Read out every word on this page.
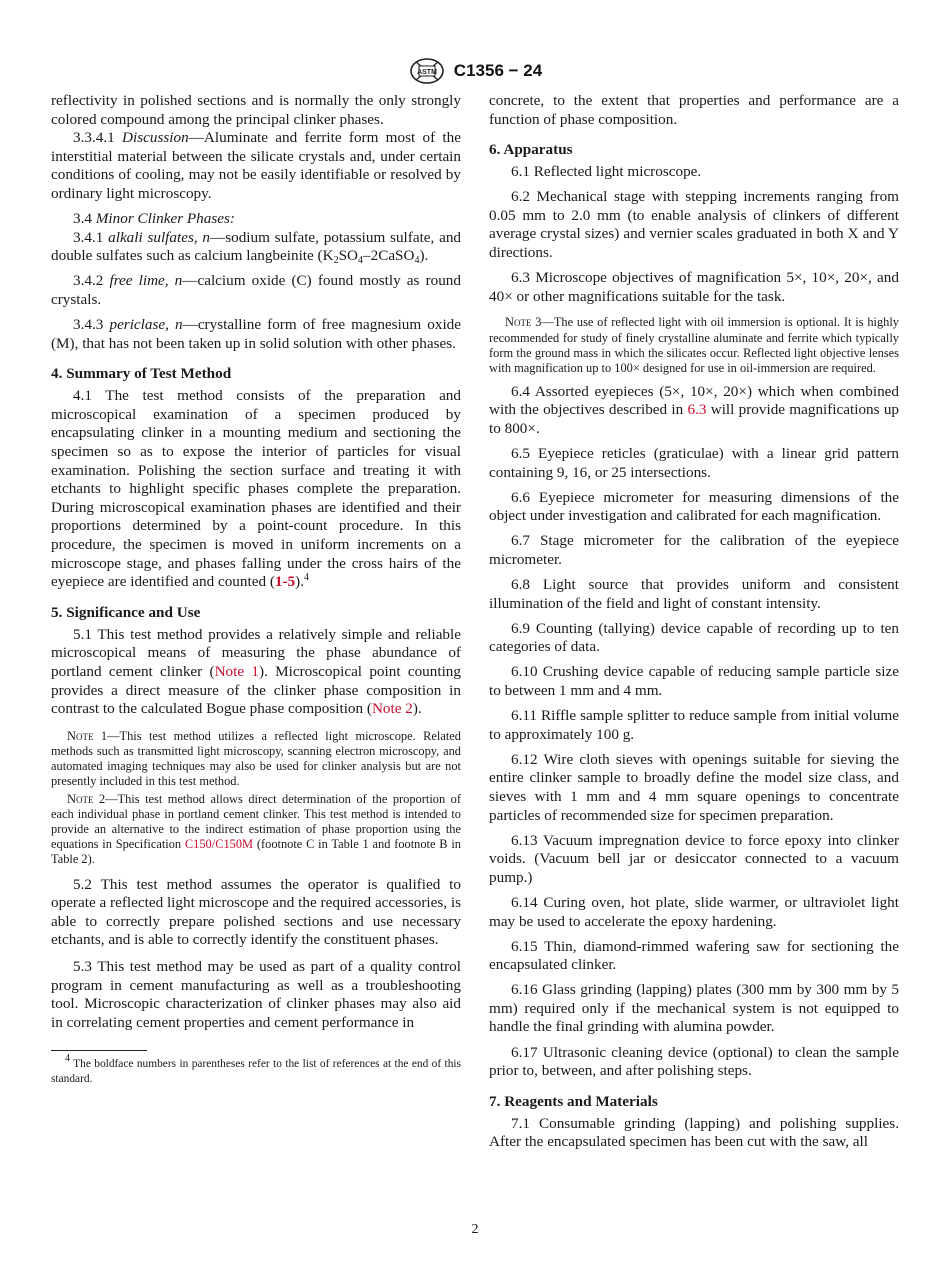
ASTM C1356 − 24

reflectivity in polished sections and is normally the only strongly colored compound among the principal clinker phases.

3.3.4.1 Discussion—Aluminate and ferrite form most of the interstitial material between the silicate crystals and, under certain conditions of cooling, may not be easily identifiable or resolved by ordinary light microscopy.

3.4 Minor Clinker Phases:

3.4.1 alkali sulfates, n—sodium sulfate, potassium sulfate, and double sulfates such as calcium langbeinite $(K_2SO_4-2CaSO_4)$.

3.4.2 free lime, n—calcium oxide (C) found mostly as round crystals.

3.4.3 periclase, n—crystalline form of free magnesium oxide (M), that has not been taken up in solid solution with other phases.

4. Summary of Test Method

4.1 The test method consists of the preparation and microscopical examination of a specimen produced by encapsulating clinker in a mounting medium and sectioning the specimen so as to expose the interior of particles for visual examination. Polishing the section surface and treating it with etchants to highlight specific phases complete the preparation. During microscopical examination phases are identified and their proportions determined by a point-count procedure. In this procedure, the specimen is moved in uniform increments on a microscope stage, and phases falling under the cross hairs of the eyepiece are identified and counted (1-5).$^4$

5. Significance and Use

5.1 This test method provides a relatively simple and reliable microscopical means of measuring the phase abundance of portland cement clinker (Note 1). Microscopical point counting provides a direct measure of the clinker phase composition in contrast to the calculated Bogue phase composition (Note 2).

Note 1—This test method utilizes a reflected light microscope. Related methods such as transmitted light microscopy, scanning electron microscopy, and automated imaging techniques may also be used for clinker analysis but are not presently included in this test method.

Note 2—This test method allows direct determination of the proportion of each individual phase in portland cement clinker. This test method is intended to provide an alternative to the indirect estimation of phase proportion using the equations in Specification C150/C150M (footnote C in Table 1 and footnote B in Table 2).

5.2 This test method assumes the operator is qualified to operate a reflected light microscope and the required accessories, is able to correctly prepare polished sections and use necessary etchants, and is able to correctly identify the constituent phases.

5.3 This test method may be used as part of a quality control program in cement manufacturing as well as a troubleshooting tool. Microscopic characterization of clinker phases may also aid in correlating cement properties and cement performance in

$^4$ The boldface numbers in parentheses refer to the list of references at the end of this standard.

concrete, to the extent that properties and performance are a function of phase composition.

6. Apparatus

6.1 Reflected light microscope.

6.2 Mechanical stage with stepping increments ranging from 0.05 mm to 2.0 mm (to enable analysis of clinkers of different average crystal sizes) and vernier scales graduated in both X and Y directions.

6.3 Microscope objectives of magnification 5×, 10×, 20×, and 40× or other magnifications suitable for the task.

Note 3—The use of reflected light with oil immersion is optional. It is highly recommended for study of finely crystalline aluminate and ferrite which typically form the ground mass in which the silicates occur. Reflected light objective lenses with magnification up to 100× designed for use in oil-immersion are required.

6.4 Assorted eyepieces (5×, 10×, 20×) which when combined with the objectives described in 6.3 will provide magnifications up to 800×.

6.5 Eyepiece reticles (graticulae) with a linear grid pattern containing 9, 16, or 25 intersections.

6.6 Eyepiece micrometer for measuring dimensions of the object under investigation and calibrated for each magnification.

6.7 Stage micrometer for the calibration of the eyepiece micrometer.

6.8 Light source that provides uniform and consistent illumination of the field and light of constant intensity.

6.9 Counting (tallying) device capable of recording up to ten categories of data.

6.10 Crushing device capable of reducing sample particle size to between 1 mm and 4 mm.

6.11 Riffle sample splitter to reduce sample from initial volume to approximately 100 g.

6.12 Wire cloth sieves with openings suitable for sieving the entire clinker sample to broadly define the model size class, and sieves with 1 mm and 4 mm square openings to concentrate particles of recommended size for specimen preparation.

6.13 Vacuum impregnation device to force epoxy into clinker voids. (Vacuum bell jar or desiccator connected to a vacuum pump.)

6.14 Curing oven, hot plate, slide warmer, or ultraviolet light may be used to accelerate the epoxy hardening.

6.15 Thin, diamond-rimmed wafering saw for sectioning the encapsulated clinker.

6.16 Glass grinding (lapping) plates (300 mm by 300 mm by 5 mm) required only if the mechanical system is not equipped to handle the final grinding with alumina powder.

6.17 Ultrasonic cleaning device (optional) to clean the sample prior to, between, and after polishing steps.

7. Reagents and Materials

7.1 Consumable grinding (lapping) and polishing supplies. After the encapsulated specimen has been cut with the saw, all

2
